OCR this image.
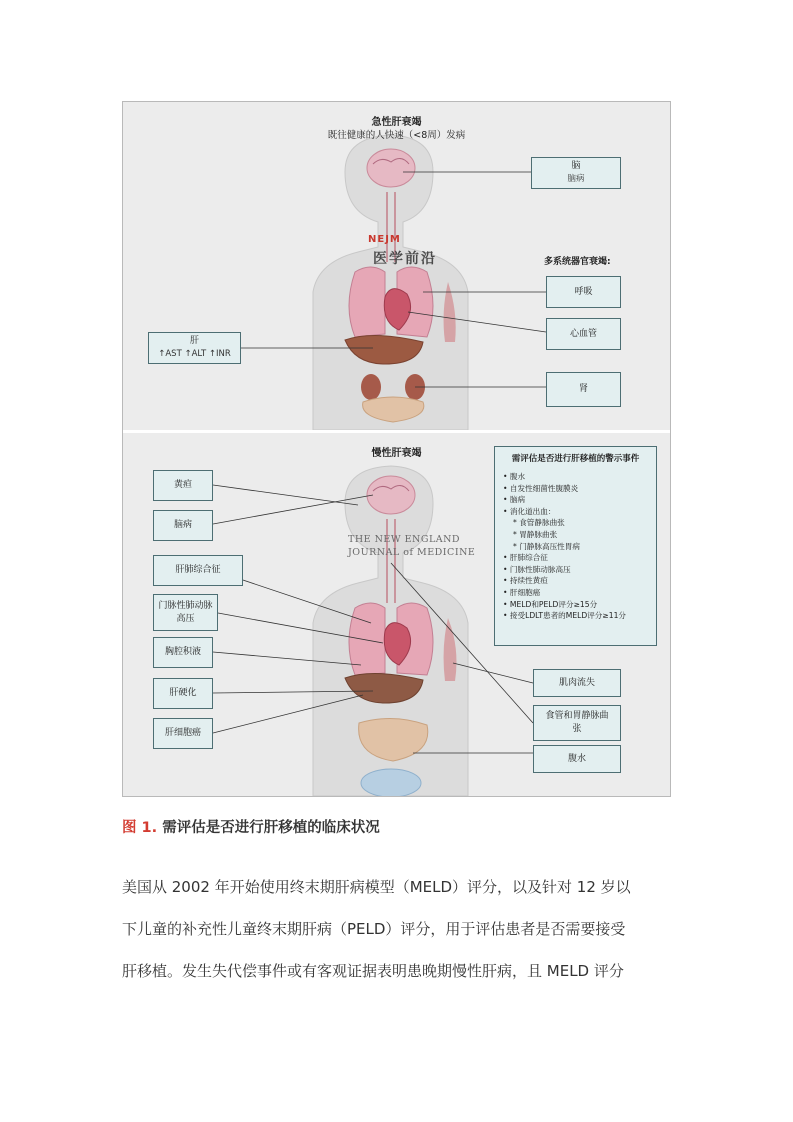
急性肝衰竭
既往健康的人快速（<8周）发病
NEJM
医学前沿
脑
脑病
多系统器官衰竭:
呼吸
心血管
肾
肝
↑AST ↑ALT ↑INR
慢性肝衰竭
THE NEW ENGLAND JOURNAL of MEDICINE
黄疸
脑病
肝肺综合征
门脉性肺动脉高压
胸腔积液
肝硬化
肝细胞癌
需评估是否进行肝移植的警示事件
• 腹水
• 自发性细菌性腹膜炎
• 脑病
• 消化道出血：
* 食管静脉曲张
* 胃静脉曲张
* 门静脉高压性胃病
• 肝肺综合征
• 门脉性肺动脉高压
• 持续性黄疸
• 肝细胞癌
• MELD和PELD评分≥15分
• 接受LDLT患者的MELD评分≥11分
肌肉流失
食管和胃静脉曲张
腹水
图 1. 需评估是否进行肝移植的临床状况
美国从 2002 年开始使用终末期肝病模型（MELD）评分，以及针对 12 岁以
下儿童的补充性儿童终末期肝病（PELD）评分，用于评估患者是否需要接受
肝移植。发生失代偿事件或有客观证据表明患晚期慢性肝病，且 MELD 评分
